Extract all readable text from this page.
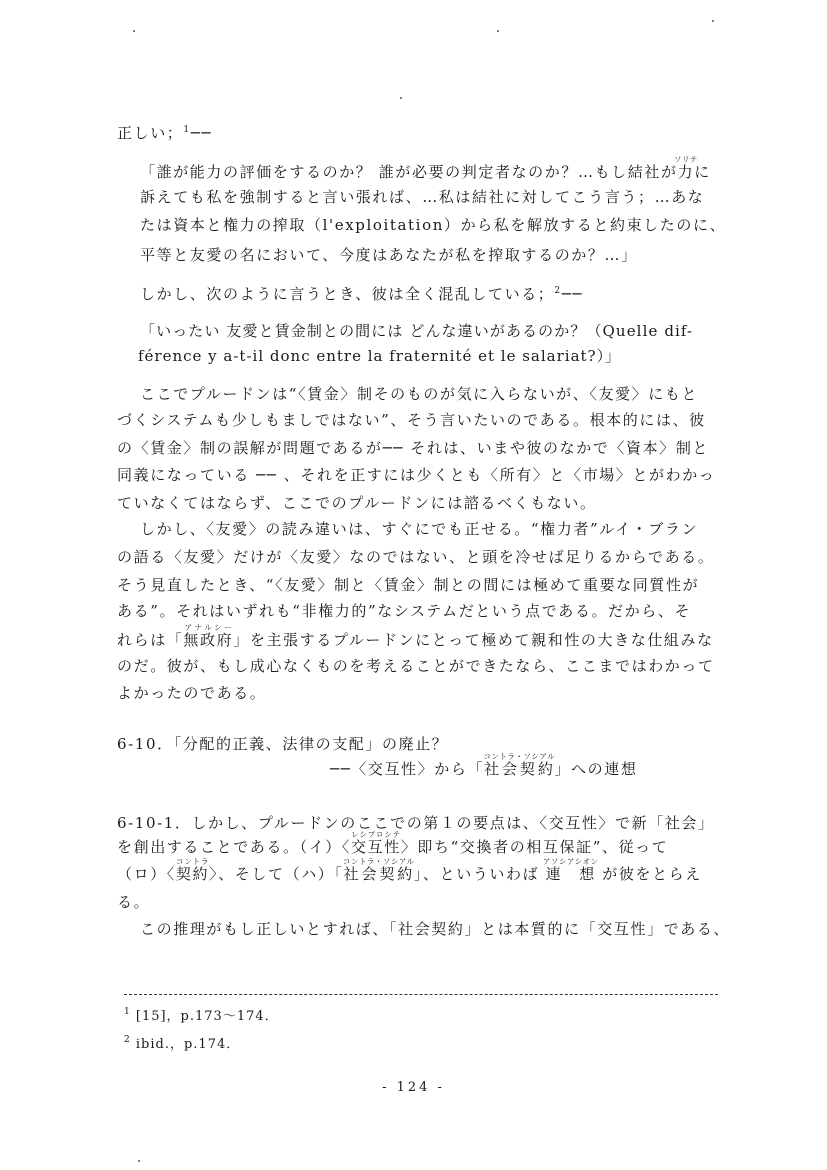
正しい；$^1$──
「誰が能力の評価をするのか？ 誰が必要の判定者なのか？…もし結社が力ソリテに
訴えても私を強制すると言い張れば、…私は結社に対してこう言う；…あな
たは資本と権力の搾取（l'exploitation）から私を解放すると約束したのに、
平等と友愛の名において、今度はあなたが私を搾取するのか？…」
しかし、次のように言うとき、彼は全く混乱している；$^2$──
「いったい 友愛と賃金制との間には どんな違いがあるのか？（Quelle dif-
férence y a-t-il donc entre la fraternité et le salariat?）」
ここでプルードンは“〈賃金〉制そのものが気に入らないが、〈友愛〉にもと
づくシステムも少しもましではない”、そう言いたいのである。根本的には、彼
の〈賃金〉制の誤解が問題であるが── それは、いまや彼のなかで〈資本〉制と
同義になっている ── 、それを正すには少くとも〈所有〉と〈市場〉とがわかっ
ていなくてはならず、ここでのプルードンには諮るべくもない。
しかし、〈友愛〉の読み違いは、すぐにでも正せる。“権力者”ルイ・ブラン
の語る〈友愛〉だけが〈友愛〉なのではない、と頭を冷せば足りるからである。
そう見直したとき、“〈友愛〉制と〈賃金〉制との間には極めて重要な同質性が
ある”。それはいずれも“非権力的”なシステムだという点である。だから、そ
れらは「無政府アナルシー」を主張するプルードンにとって極めて親和性の大きな仕組みな
のだ。彼が、もし成心なくものを考えることができたなら、ここまではわかって
よかったのである。
6-10．「分配的正義、法律の支配」の廃止？
──〈交互性〉から「社会契約コントラ・ソシアル」への連想
6-10-1．しかし、プルードンのここでの第１の要点は、〈交互性〉で新「社会」
を創出することである。（イ）〈交互性レシプロシテ〉即ち“交換者の相互保証”、従って
（ロ）〈契約コントラ〉、そして（ハ）「社会契約コントラ・ソシアル」、といういわば 連 想アソシアシオン が彼をとらえ
る。
この推理がもし正しいとすれば、「社会契約」とは本質的に「交互性」である、
$^1$ [15]，p.173～174．
$^2$ ibid.，p.174．
- 124 -
